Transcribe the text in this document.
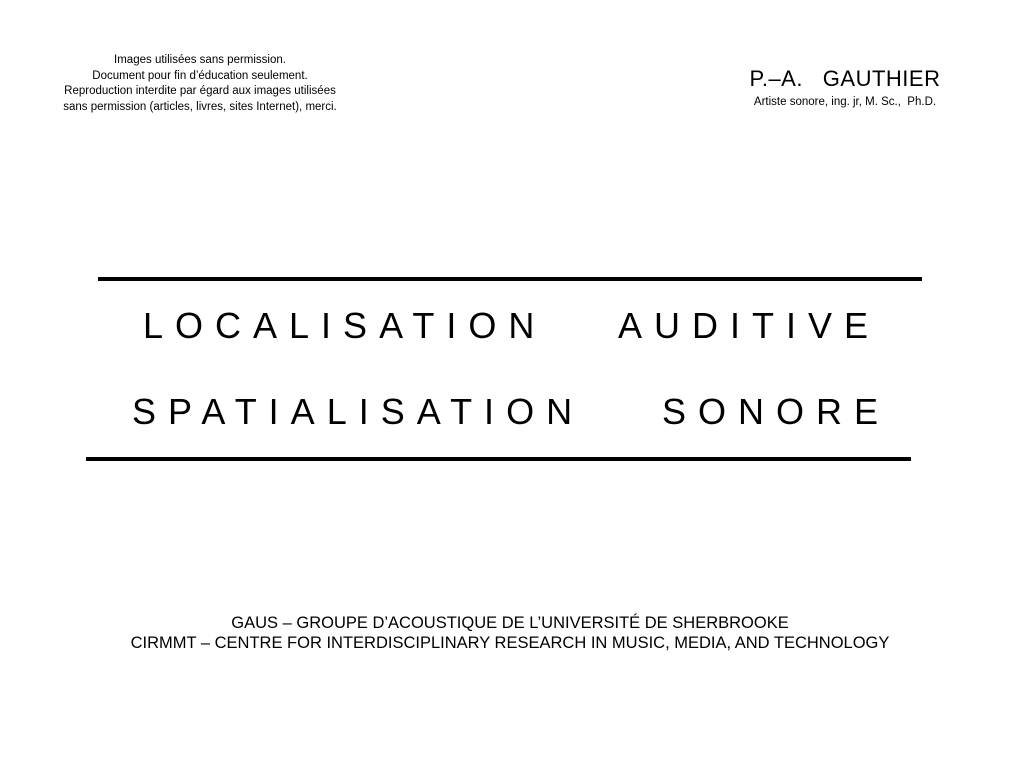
Images utilisées sans permission.
Document pour fin d’éducation seulement.
Reproduction interdite par égard aux images utilisées
sans permission (articles, livres, sites Internet), merci.
P.–A.   GAUTHIER
Artiste sonore, ing. jr, M. Sc.,  Ph.D.
LOCALISATION AUDITIVE
SPATIALISATION SONORE
GAUS – GROUPE D’ACOUSTIQUE DE L’UNIVERSITÉ DE SHERBROOKE
CIRMMT – CENTRE FOR INTERDISCIPLINARY RESEARCH IN MUSIC, MEDIA, AND TECHNOLOGY
